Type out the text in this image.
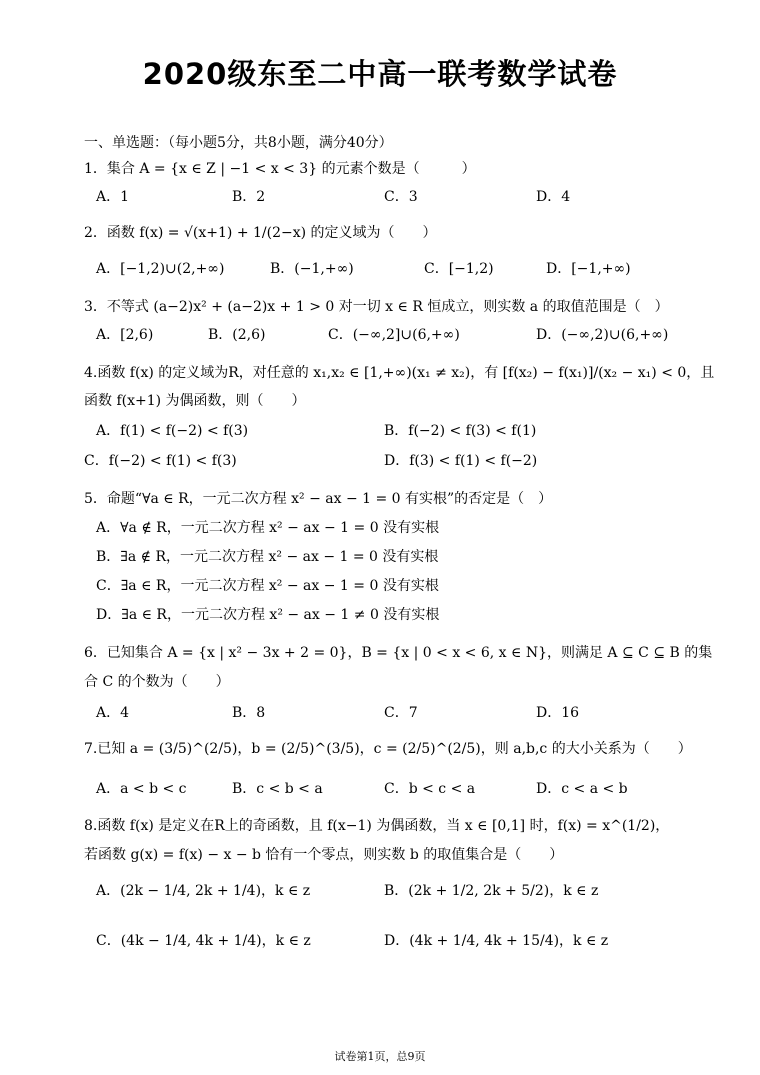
2020级东至二中高一联考数学试卷
一、单选题：（每小题5分，共8小题，满分40分）
1．集合 A = {x ∈ Z | −1 < x < 3} 的元素个数是（　　　）
A．1	B．2	C．3	D．4
2．函数 f(x) = √(x+1) + 1/(2−x) 的定义域为（　　）
A．[−1,2)∪(2,+∞)	B．(−1,+∞)	C．[−1,2)	D．[−1,+∞)
3．不等式 (a−2)x² + (a−2)x + 1 > 0 对一切 x ∈ R 恒成立，则实数 a 的取值范围是（　）
A．[2,6)	B．(2,6)	C．(−∞,2]∪(6,+∞)	D．(−∞,2)∪(6,+∞)
4.函数 f(x) 的定义域为R，对任意的 x₁,x₂ ∈ [1,+∞)(x₁ ≠ x₂)，有 [f(x₂) − f(x₁)]/(x₂ − x₁) < 0，且
函数 f(x+1) 为偶函数，则（　　）
A．f(1) < f(−2) < f(3)	B．f(−2) < f(3) < f(1)
C．f(−2) < f(1) < f(3)	D．f(3) < f(1) < f(−2)
5．命题“∀a ∈ R，一元二次方程 x² − ax − 1 = 0 有实根”的否定是（　）
A．∀a ∉ R，一元二次方程 x² − ax − 1 = 0 没有实根
B．∃a ∉ R，一元二次方程 x² − ax − 1 = 0 没有实根
C．∃a ∈ R，一元二次方程 x² − ax − 1 = 0 没有实根
D．∃a ∈ R，一元二次方程 x² − ax − 1 ≠ 0 没有实根
6．已知集合 A = {x | x² − 3x + 2 = 0}，B = {x | 0 < x < 6, x ∈ N}，则满足 A ⊆ C ⊆ B 的集
合 C 的个数为（　　）
A．4	B．8	C．7	D．16
7.已知 a = (3/5)^(2/5)，b = (2/5)^(3/5)，c = (2/5)^(2/5)，则 a,b,c 的大小关系为（　　）
A．a < b < c	B．c < b < a	C．b < c < a	D．c < a < b
8.函数 f(x) 是定义在R上的奇函数，且 f(x−1) 为偶函数，当 x ∈ [0,1] 时，f(x) = x^(1/2)，
若函数 g(x) = f(x) − x − b 恰有一个零点，则实数 b 的取值集合是（　　）
A．(2k − 1/4, 2k + 1/4)，k ∈ z	B．(2k + 1/2, 2k + 5/2)，k ∈ z
C．(4k − 1/4, 4k + 1/4)，k ∈ z	D．(4k + 1/4, 4k + 15/4)，k ∈ z
试卷第1页，总9页
